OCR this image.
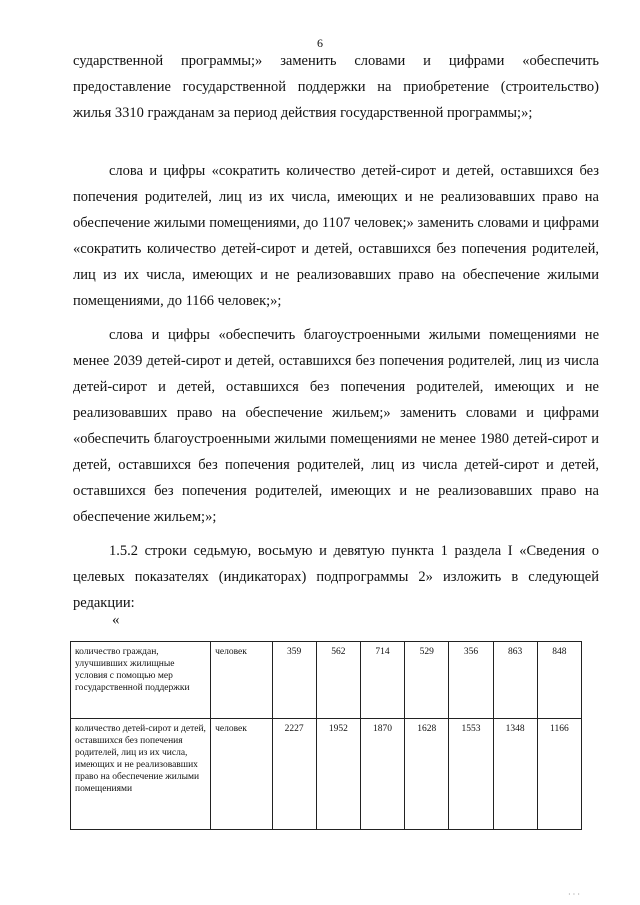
6

сударственной программы;» заменить словами и цифрами «обеспечить предоставление государственной поддержки на приобретение (строительство) жилья 3310 гражданам за период действия государственной программы;»;

слова и цифры «сократить количество детей-сирот и детей, оставшихся без попечения родителей, лиц из их числа, имеющих и не реализовавших право на обеспечение жилыми помещениями, до 1107 человек;» заменить словами и цифрами «сократить количество детей-сирот и детей, оставшихся без попечения родителей, лиц из их числа, имеющих и не реализовавших право на обеспечение жилыми помещениями, до 1166 человек;»;

слова и цифры «обеспечить благоустроенными жилыми помещениями не менее 2039 детей-сирот и детей, оставшихся без попечения родителей, лиц из числа детей-сирот и детей, оставшихся без попечения родителей, имеющих и не реализовавших право на обеспечение жильем;» заменить словами и цифрами «обеспечить благоустроенными жилыми помещениями не менее 1980 детей-сирот и детей, оставшихся без попечения родителей, лиц из числа детей-сирот и детей, оставшихся без попечения родителей, имеющих и не реализовавших право на обеспечение жильем;»;

1.5.2 строки седьмую, восьмую и девятую пункта 1 раздела I «Сведения о целевых показателях (индикаторах) подпрограммы 2» изложить в следующей редакции:

«
количество граждан, улучшивших жилищные условия с помощью мер государственной поддержки	человек	359	562	714	529	356	863	848
количество детей-сирот и детей, оставшихся без попечения родителей, лиц из их числа, имеющих и не реализовавших право на обеспечение жилыми помещениями	человек	2227	1952	1870	1628	1553	1348	1166
· · ·
